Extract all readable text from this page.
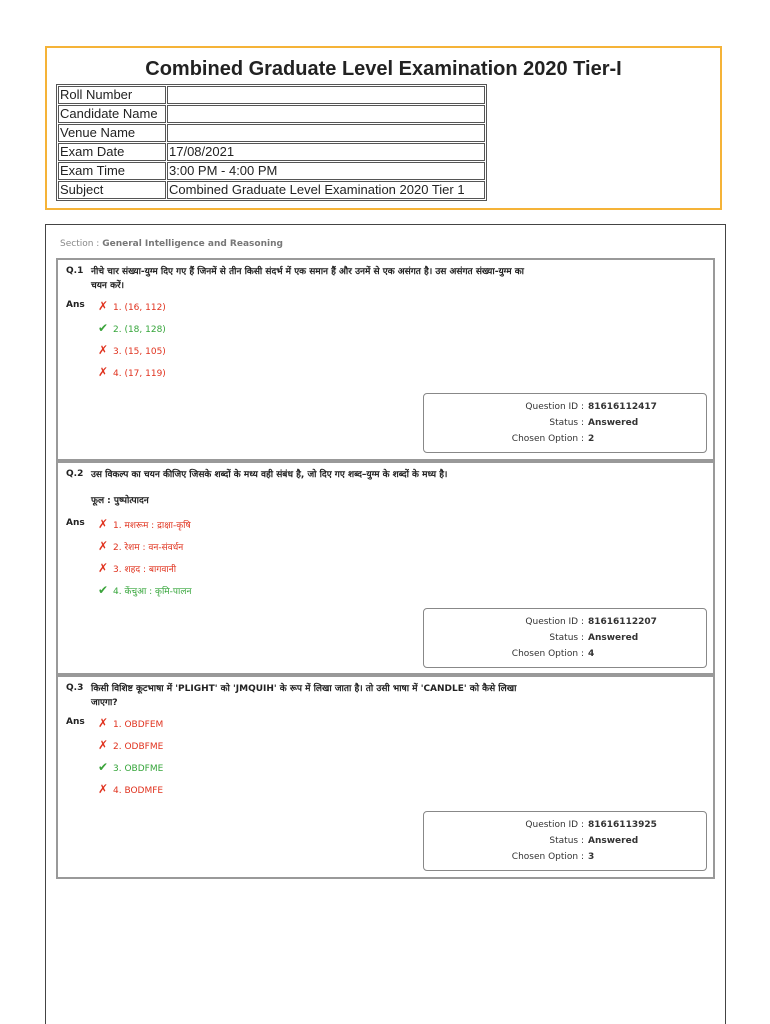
Combined Graduate Level Examination 2020 Tier-I
Roll Number	
Candidate Name	
Venue Name	
Exam Date	17/08/2021
Exam Time	3:00 PM - 4:00 PM
Subject	Combined Graduate Level Examination 2020 Tier 1
Section : General Intelligence and Reasoning
Q.1 नीचे चार संख्या-युग्म दिए गए हैं जिनमें से तीन किसी संदर्भ में एक समान हैं और उनमें से एक असंगत है। उस असंगत संख्या-युग्म का चयन करें।
Ans ✗ 1. (16, 112)
✔ 2. (18, 128)
✗ 3. (15, 105)
✗ 4. (17, 119)
Question ID : 81616112417
Status : Answered
Chosen Option : 2
Q.2 उस विकल्प का चयन कीजिए जिसके शब्दों के मध्य वही संबंध है, जो दिए गए शब्द–युग्म के शब्दों के मध्य है।
फूल : पुष्पोत्पादन
Ans ✗ 1. मशरूम : द्राक्षा-कृषि
✗ 2. रेशम : वन-संवर्धन
✗ 3. शहद : बागवानी
✔ 4. केंचुआ : कृमि-पालन
Question ID : 81616112207
Status : Answered
Chosen Option : 4
Q.3 किसी विशिष्ट कूटभाषा में 'PLIGHT' को 'JMQUIH' के रूप में लिखा जाता है। तो उसी भाषा में 'CANDLE' को कैसे लिखा जाएगा?
Ans ✗ 1. OBDFEM
✗ 2. ODBFME
✔ 3. OBDFME
✗ 4. BODMFE
Question ID : 81616113925
Status : Answered
Chosen Option : 3
